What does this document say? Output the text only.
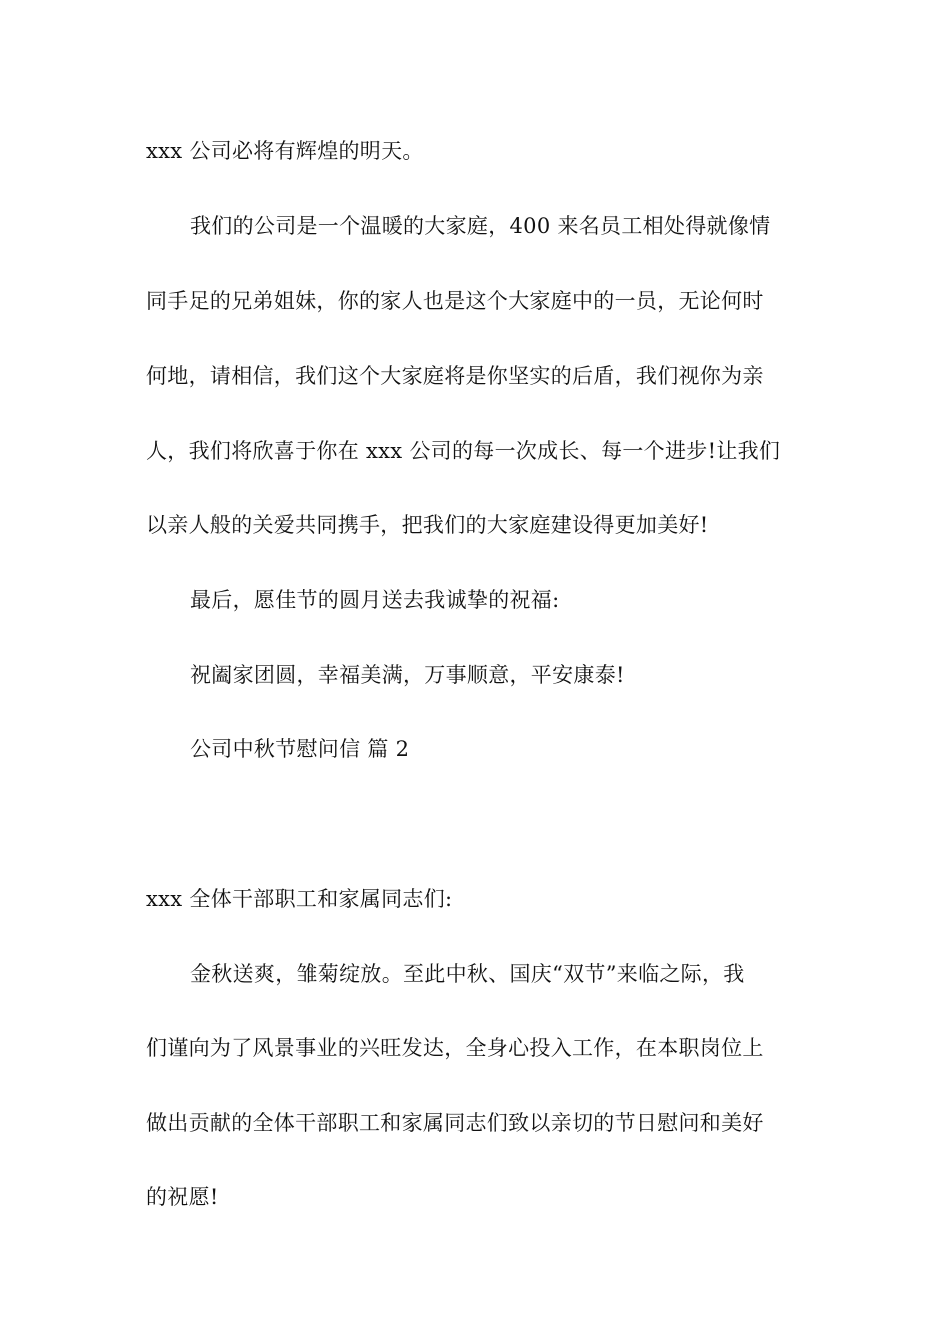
xxx 公司必将有辉煌的明天。
我们的公司是一个温暖的大家庭，400 来名员工相处得就像情
同手足的兄弟姐妹，你的家人也是这个大家庭中的一员，无论何时
何地，请相信，我们这个大家庭将是你坚实的后盾，我们视你为亲
人，我们将欣喜于你在 xxx 公司的每一次成长、每一个进步!让我们
以亲人般的关爱共同携手，把我们的大家庭建设得更加美好!
最后，愿佳节的圆月送去我诚挚的祝福:
祝阖家团圆，幸福美满，万事顺意，平安康泰!
公司中秋节慰问信 篇 2
xxx 全体干部职工和家属同志们:
金秋送爽，雏菊绽放。至此中秋、国庆“双节”来临之际，我
们谨向为了风景事业的兴旺发达，全身心投入工作，在本职岗位上
做出贡献的全体干部职工和家属同志们致以亲切的节日慰问和美好
的祝愿!
